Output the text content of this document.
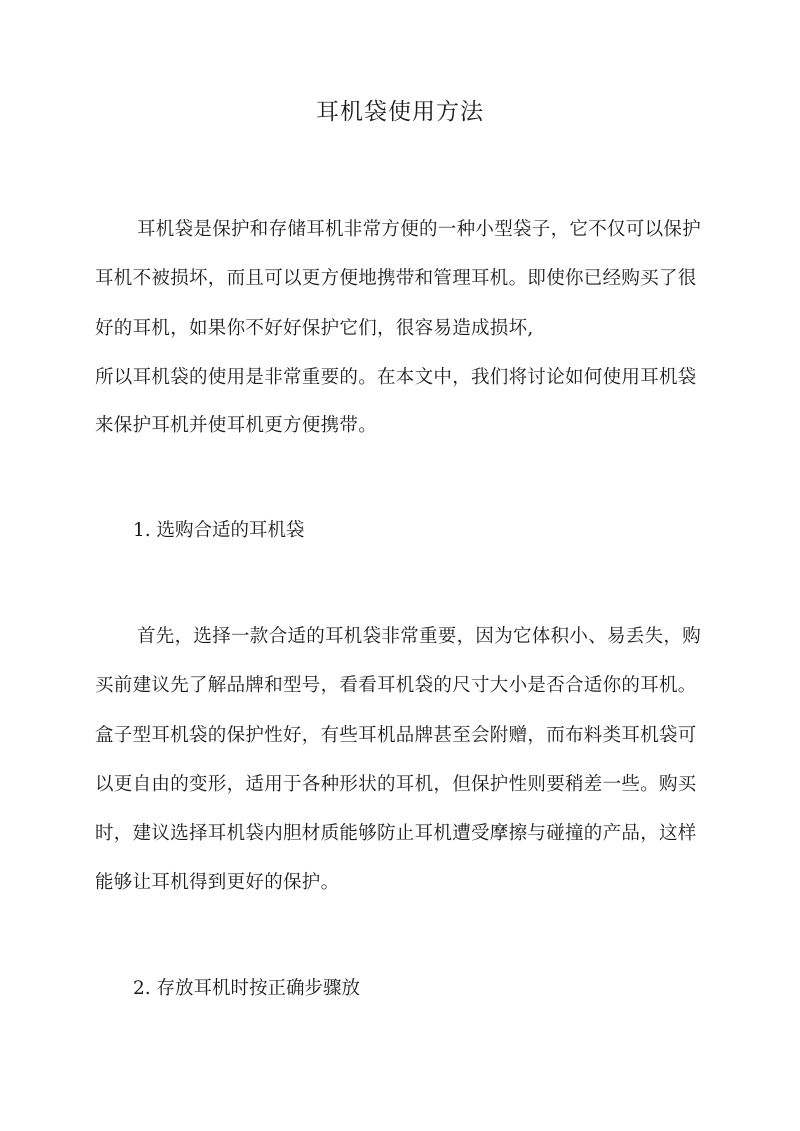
耳机袋使用方法
耳机袋是保护和存储耳机非常方便的一种小型袋子，它不仅可以保护
耳机不被损坏，而且可以更方便地携带和管理耳机。即使你已经购买了很
好的耳机，如果你不好好保护它们，很容易造成损坏,
所以耳机袋的使用是非常重要的。在本文中，我们将讨论如何使用耳机袋
来保护耳机并使耳机更方便携带。
1. 选购合适的耳机袋
首先，选择一款合适的耳机袋非常重要，因为它体积小、易丢失，购
买前建议先了解品牌和型号，看看耳机袋的尺寸大小是否合适你的耳机。
盒子型耳机袋的保护性好，有些耳机品牌甚至会附赠，而布料类耳机袋可
以更自由的变形，适用于各种形状的耳机，但保护性则要稍差一些。购买
时，建议选择耳机袋内胆材质能够防止耳机遭受摩擦与碰撞的产品，这样
能够让耳机得到更好的保护。
2. 存放耳机时按正确步骤放
